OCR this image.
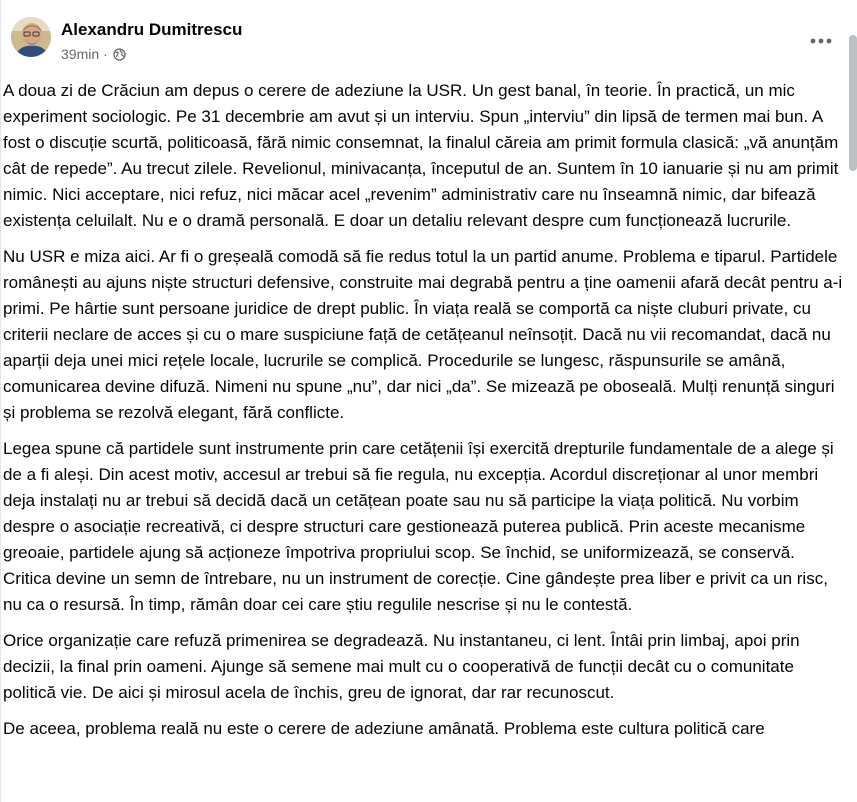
Alexandru Dumitrescu
39min ·

A doua zi de Crăciun am depus o cerere de adeziune la USR. Un gest banal, în teorie. În practică, un mic experiment sociologic. Pe 31 decembrie am avut și un interviu. Spun „interviu” din lipsă de termen mai bun. A fost o discuție scurtă, politicoasă, fără nimic consemnat, la finalul căreia am primit formula clasică: „vă anunțăm cât de repede”. Au trecut zilele. Revelionul, minivacanța, începutul de an. Suntem în 10 ianuarie și nu am primit nimic. Nici acceptare, nici refuz, nici măcar acel „revenim” administrativ care nu înseamnă nimic, dar bifează existența celuilalt. Nu e o dramă personală. E doar un detaliu relevant despre cum funcționează lucrurile.

Nu USR e miza aici. Ar fi o greșeală comodă să fie redus totul la un partid anume. Problema e tiparul. Partidele românești au ajuns niște structuri defensive, construite mai degrabă pentru a ține oamenii afară decât pentru a-i primi. Pe hârtie sunt persoane juridice de drept public. În viața reală se comportă ca niște cluburi private, cu criterii neclare de acces și cu o mare suspiciune față de cetățeanul neînsoțit. Dacă nu vii recomandat, dacă nu aparții deja unei mici rețele locale, lucrurile se complică. Procedurile se lungesc, răspunsurile se amână, comunicarea devine difuză. Nimeni nu spune „nu”, dar nici „da”. Se mizează pe oboseală. Mulți renunță singuri și problema se rezolvă elegant, fără conflicte.

Legea spune că partidele sunt instrumente prin care cetățenii își exercită drepturile fundamentale de a alege și de a fi aleși. Din acest motiv, accesul ar trebui să fie regula, nu excepția. Acordul discreționar al unor membri deja instalați nu ar trebui să decidă dacă un cetățean poate sau nu să participe la viața politică. Nu vorbim despre o asociație recreativă, ci despre structuri care gestionează puterea publică. Prin aceste mecanisme greoaie, partidele ajung să acționeze împotriva propriului scop. Se închid, se uniformizează, se conservă. Critica devine un semn de întrebare, nu un instrument de corecție. Cine gândește prea liber e privit ca un risc, nu ca o resursă. În timp, rămân doar cei care știu regulile nescrise și nu le contestă.

Orice organizație care refuză primenirea se degradează. Nu instantaneu, ci lent. Întâi prin limbaj, apoi prin decizii, la final prin oameni. Ajunge să semene mai mult cu o cooperativă de funcții decât cu o comunitate politică vie. De aici și mirosul acela de închis, greu de ignorat, dar rar recunoscut.

De aceea, problema reală nu este o cerere de adeziune amânată. Problema este cultura politică care
